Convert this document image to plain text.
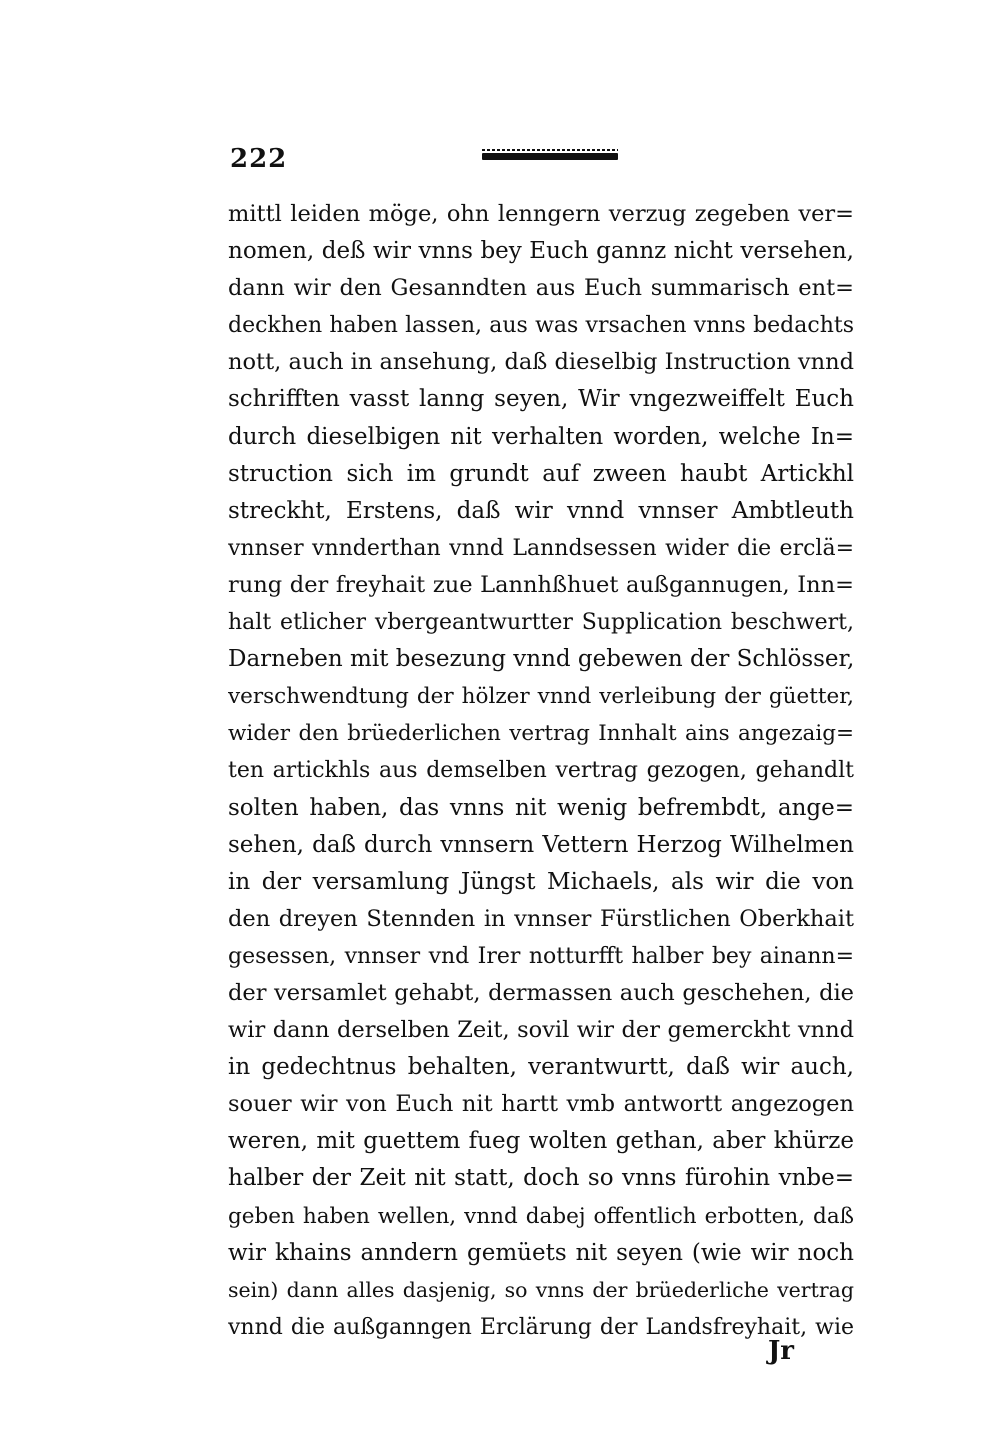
222
mittl leiden möge, ohn lenngern verzug zegeben ver=
nomen, deß wir vnns bey Euch gannz nicht versehen,
dann wir den Gesanndten aus Euch summarisch ent=
deckhen haben lassen, aus was vrsachen vnns bedachts
nott, auch in ansehung, daß dieselbig Instruction vnnd
schrifften vasst lanng seyen, Wir vngezweiffelt Euch
durch dieselbigen nit verhalten worden, welche In=
struction sich im grundt auf zween haubt Artickhl
streckht, Erstens, daß wir vnnd vnnser Ambtleuth
vnnser vnnderthan vnnd Lanndsessen wider die erclä=
rung der freyhait zue Lannhßhuet außgannugen, Inn=
halt etlicher vbergeantwurtter Supplication beschwert,
Darneben mit besezung vnnd gebewen der Schlösser,
verschwendtung der hölzer vnnd verleibung der güetter,
wider den brüederlichen vertrag Innhalt ains angezaig=
ten artickhls aus demselben vertrag gezogen, gehandlt
solten haben, das vnns nit wenig befrembdt, ange=
sehen, daß durch vnnsern Vettern Herzog Wilhelmen
in der versamlung Jüngst Michaels, als wir die von
den dreyen Stennden in vnnser Fürstlichen Oberkhait
gesessen, vnnser vnd Irer notturfft halber bey ainann=
der versamlet gehabt, dermassen auch geschehen, die
wir dann derselben Zeit, sovil wir der gemerckht vnnd
in gedechtnus behalten, verantwurtt, daß wir auch,
souer wir von Euch nit hartt vmb antwortt angezogen
weren, mit guettem fueg wolten gethan, aber khürze
halber der Zeit nit statt, doch so vnns fürohin vnbe=
geben haben wellen, vnnd dabej offentlich erbotten, daß
wir khains anndern gemüets nit seyen (wie wir noch
sein) dann alles dasjenig, so vnns der brüederliche vertrag
vnnd die außganngen Erclärung der Landsfreyhait, wie
Jr
